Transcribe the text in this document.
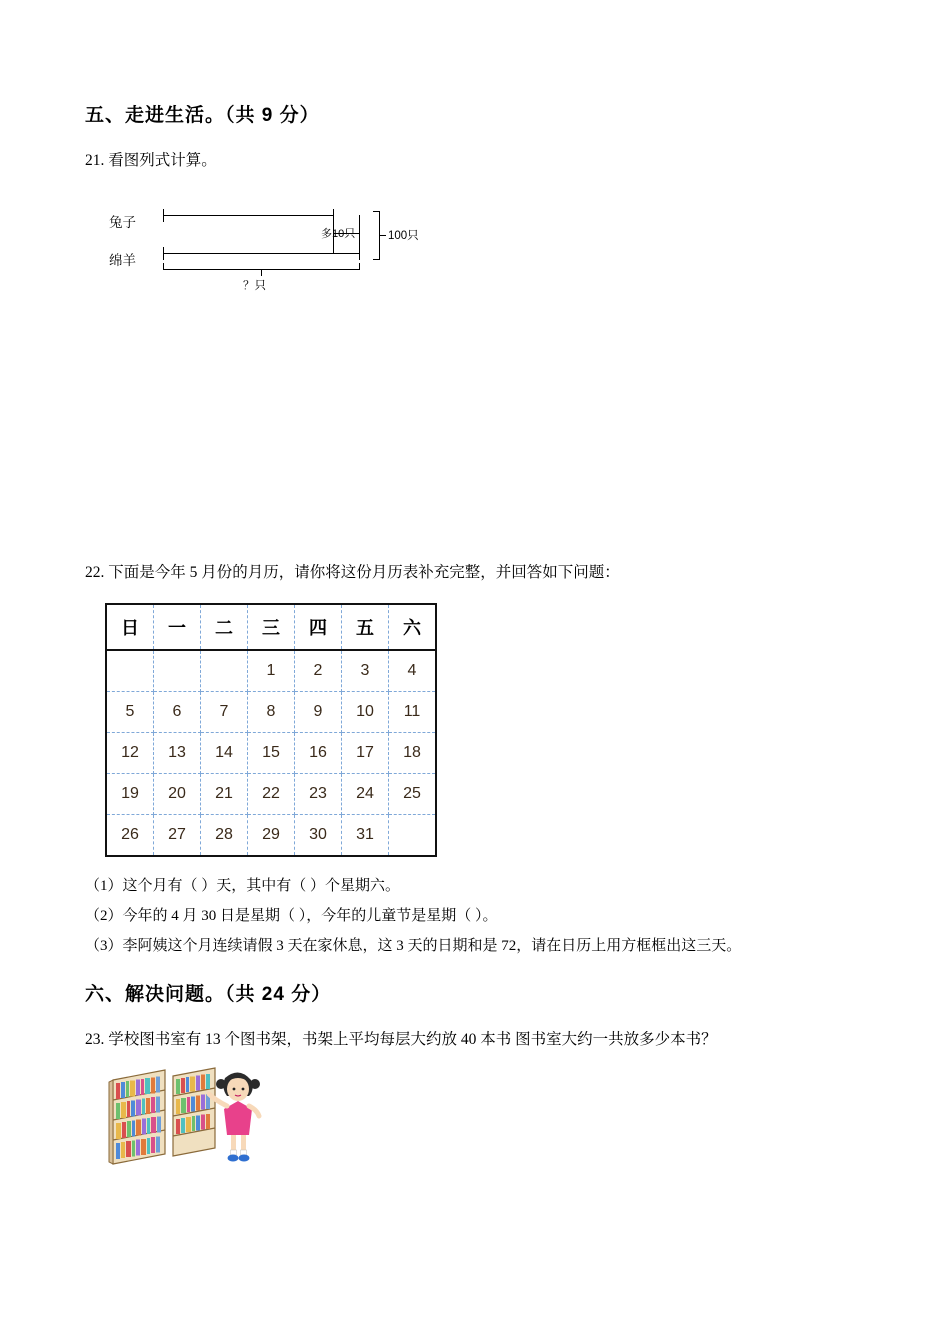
五、走进生活。（共 9 分）

21. 看图列式计算。

兔子
绵羊
多10只	100只
？只

22. 下面是今年 5 月份的月历，请你将这份月历表补充完整，并回答如下问题：

日	一	二	三	四	五	六
			1	2	3	4
5	6	7	8	9	10	11
12	13	14	15	16	17	18
19	20	21	22	23	24	25
26	27	28	29	30	31	

（1）这个月有（ ）天，其中有（ ）个星期六。

（2）今年的 4 月 30 日是星期（ ），今年的儿童节是星期（ ）。

（3）李阿姨这个月连续请假 3 天在家休息，这 3 天的日期和是 72，请在日历上用方框框出这三天。

六、解决问题。（共 24 分）

23. 学校图书室有 13 个图书架，书架上平均每层大约放 40 本书 图书室大约一共放多少本书？
